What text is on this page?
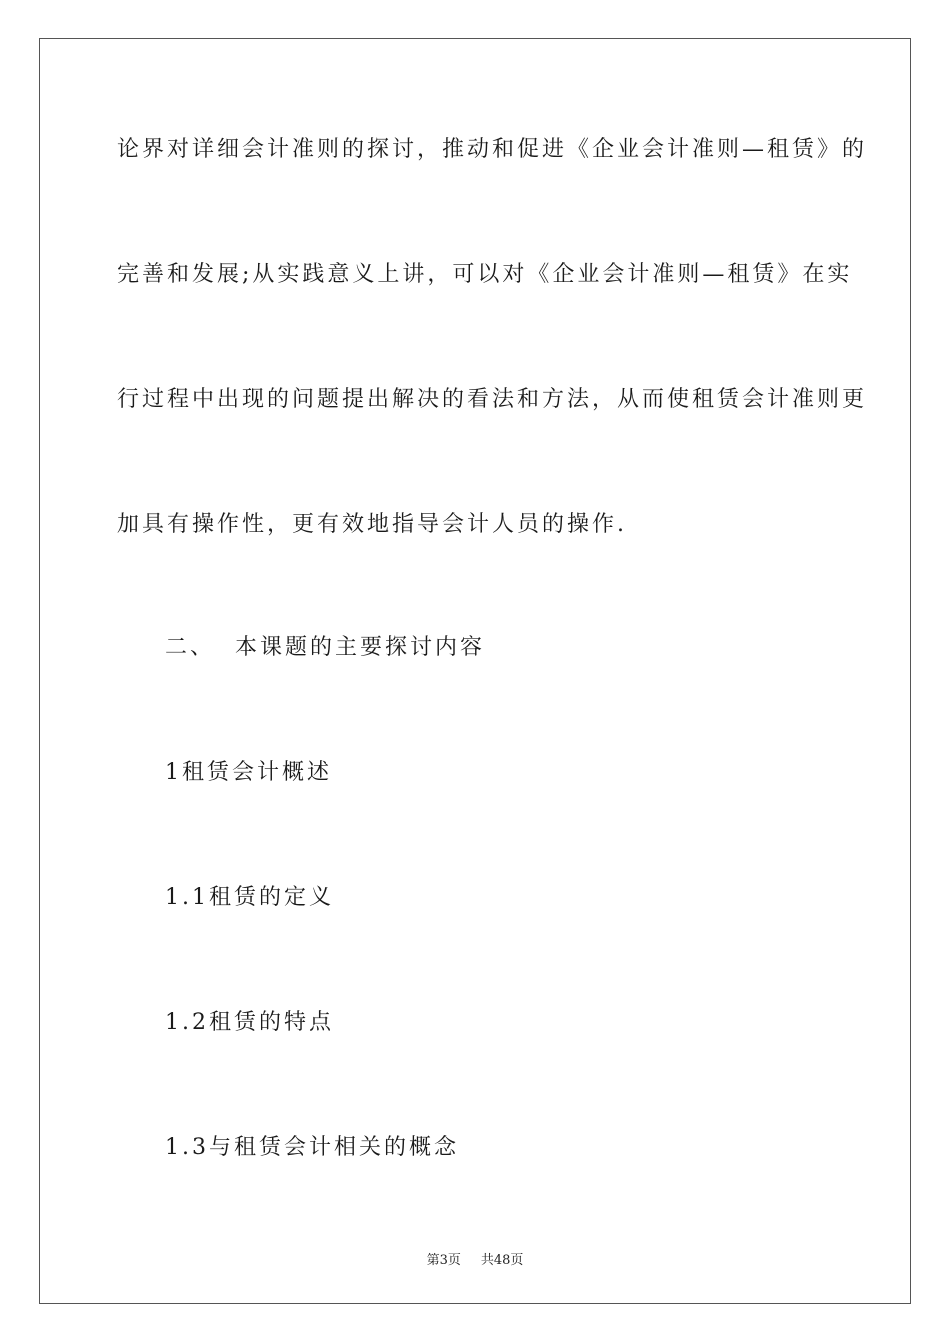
论界对详细会计准则的探讨，推动和促进《企业会计准则—租赁》的
完善和发展;从实践意义上讲，可以对《企业会计准则—租赁》在实
行过程中出现的问题提出解决的看法和方法，从而使租赁会计准则更
加具有操作性，更有效地指导会计人员的操作.
二、  本课题的主要探讨内容
1租赁会计概述
1.1租赁的定义
1.2租赁的特点
1.3与租赁会计相关的概念
第3页 共48页
